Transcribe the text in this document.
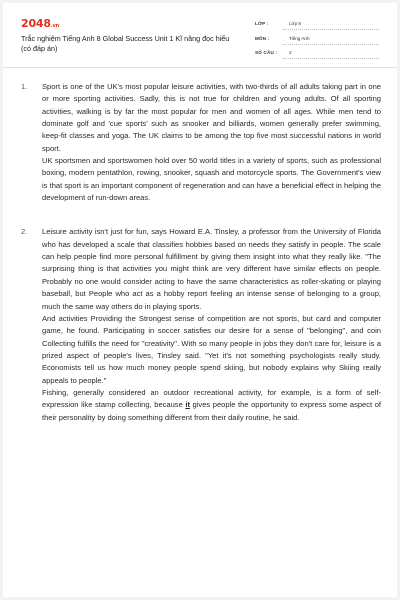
2048.vn
Trắc nghiệm Tiếng Anh 8 Global Success Unit 1 Kĩ năng đọc hiểu (có đáp án)
LỚP :	Lớp 8
MÔN :	Tiếng Anh
SỐ CÂU :	2
1. Sport is one of the UK's most popular leisure activities, with two-thirds of all adults taking part in one or more sporting activities. Sadly, this is not true for children and young adults. Of all sporting activities, walking is by far the most popular for men and women of all ages. While men tend to dominate golf and 'cue sports' such as snooker and billiards, women generally prefer swimming, keep-fit classes and yoga. The UK claims to be among the top five most successful nations in world sport.

UK sportsmen and sportswomen hold over 50 world titles in a variety of sports, such as professional boxing, modern pentathlon, rowing, snooker, squash and motorcycle sports. The Government's view is that sport is an important component of regeneration and can have a beneficial effect in helping the development of run-down areas.

2. Leisure activity isn't just for fun, says Howard E.A. Tinsley, a professor from the University of Florida who has developed a scale that classifies hobbies based on needs they satisfy in people. The scale can help people find more personal fulfillment by giving them insight into what they really like. "The surprising thing is that activities you might think are very different have similar effects on people. Probably no one would consider acting to have the same characteristics as roller-skating or playing baseball, but People who act as a hobby report feeling an intense sense of belonging to a group, much the same way others do in playing sports.

And activities Providing the Strongest sense of competition are not sports, but card and computer game, he found. Participating in soccer satisfies our desire for a sense of "belonging", and coin Collecting fulfills the need for "creativity". With so many people in jobs they don't care for, leisure is a prized aspect of people's lives, Tinsley said. "Yet it's not something psychologists really study. Economists tell us how much money people spend skiing, but nobody explains why Skiing really appeals to people."

Fishing, generally considered an outdoor recreational activity, for example, is a form of self-expression like stamp collecting, because it gives people the opportunity to express some aspect of their personality by doing something different from their daily routine, he said.
